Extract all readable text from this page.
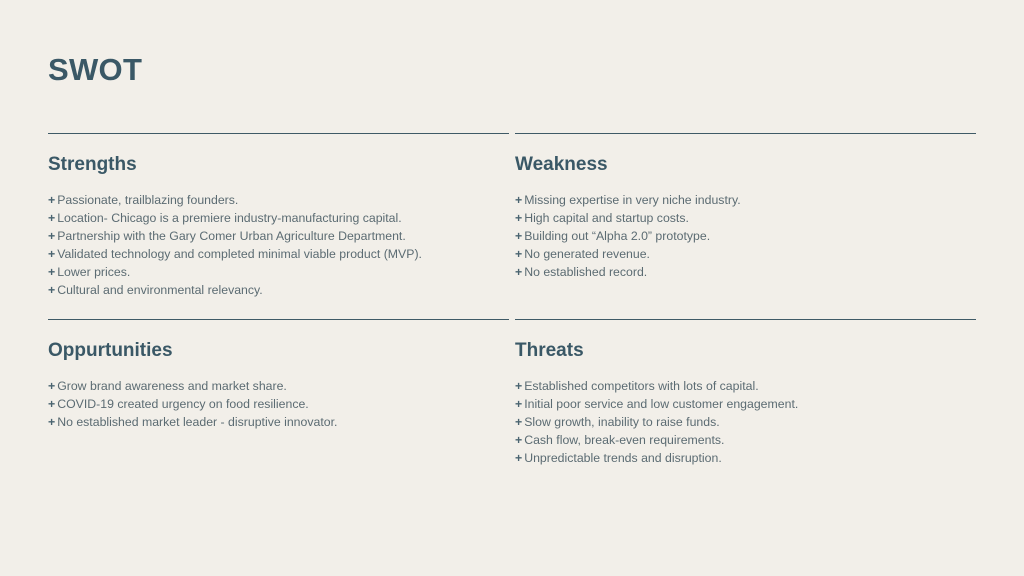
SWOT
Strengths
+ Passionate, trailblazing founders.
+ Location- Chicago is a premiere industry-manufacturing capital.
+ Partnership with the Gary Comer Urban Agriculture Department.
+ Validated technology and completed minimal viable product (MVP).
+ Lower prices.
+ Cultural and environmental relevancy.
Weakness
+ Missing expertise in very niche industry.
+ High capital and startup costs.
+ Building out “Alpha 2.0” prototype.
+ No generated revenue.
+ No established record.
Oppurtunities
+ Grow brand awareness and market share.
+ COVID-19 created urgency on food resilience.
+ No established market leader - disruptive innovator.
Threats
+ Established competitors with lots of capital.
+ Initial poor service and low customer engagement.
+ Slow growth, inability to raise funds.
+ Cash flow, break-even requirements.
+ Unpredictable trends and disruption.
